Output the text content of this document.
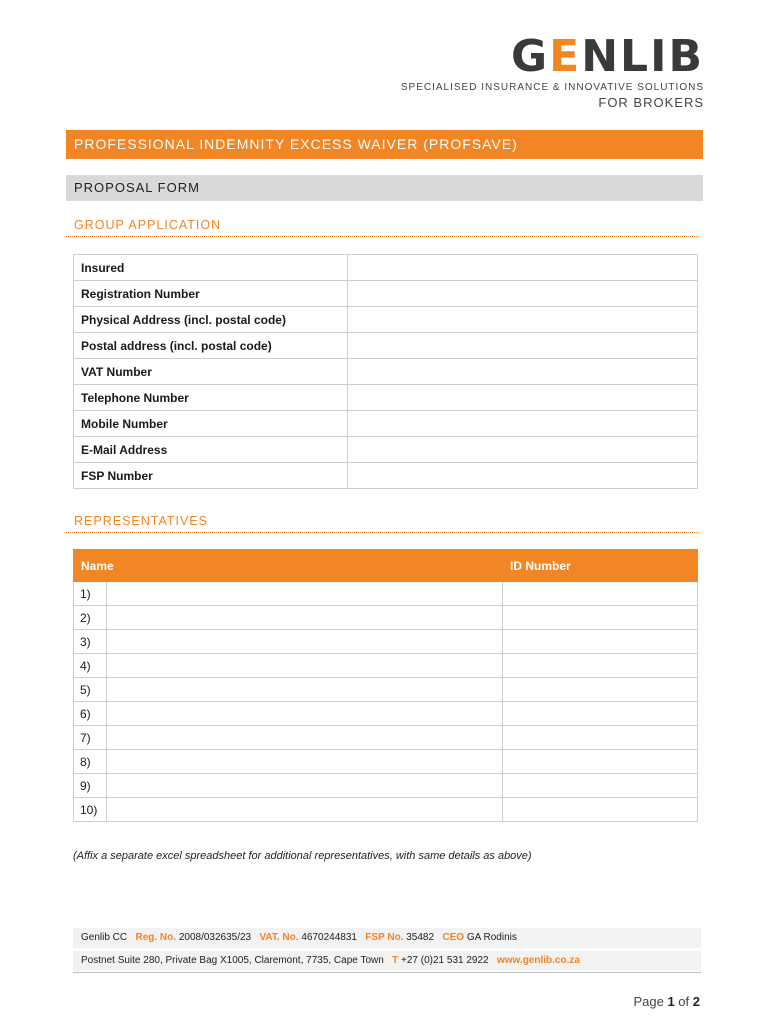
GENLIB
SPECIALISED INSURANCE & INNOVATIVE SOLUTIONS
FOR BROKERS
PROFESSIONAL INDEMNITY EXCESS WAIVER (PROFSAVE)
PROPOSAL FORM
GROUP APPLICATION
Insured	
Registration Number	
Physical Address (incl. postal code)	
Postal address (incl. postal code)	
VAT Number	
Telephone Number	
Mobile Number	
E-Mail Address	
FSP Number	
REPRESENTATIVES
Name		ID Number
1)		
2)		
3)		
4)		
5)		
6)		
7)		
8)		
9)		
10)		
(Affix a separate excel spreadsheet for additional representatives, with same details as above)
Genlib CC Reg. No. 2008/032635/23 VAT. No. 4670244831 FSP No. 35482 CEO GA Rodinis
Postnet Suite 280, Private Bag X1005, Claremont, 7735, Cape Town T +27 (0)21 531 2922 www.genlib.co.za
Page 1 of 2
